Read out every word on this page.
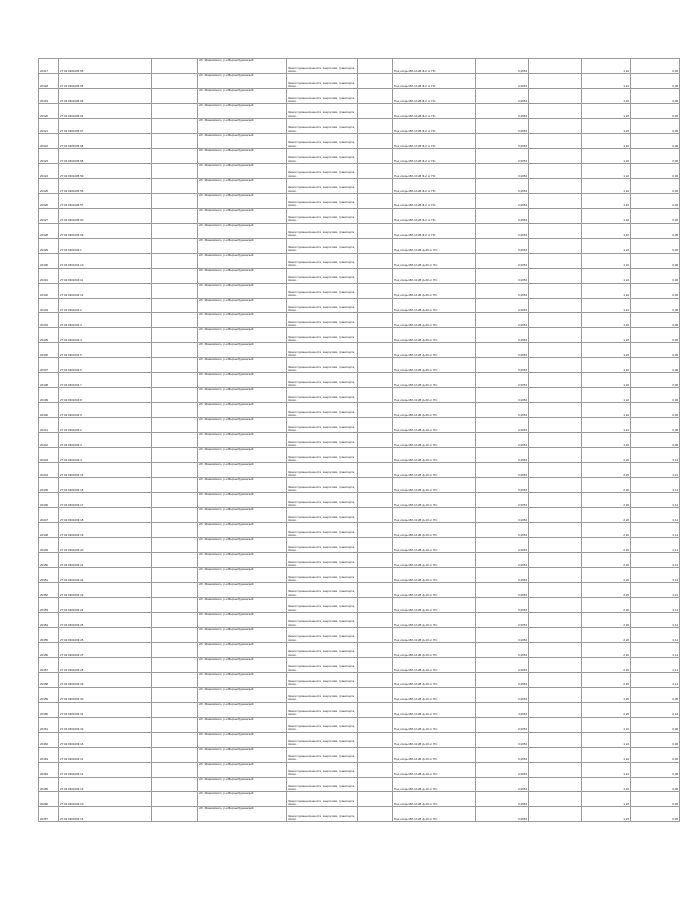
20417	27:04:0301005:65		хбт. Маяковского, р-н Верхнебуреинский	Земли промышленности, энергетики, транспорта, связи...		Под опоры ВЛ-10 кВ Ф-2 от ПС	0,0054		1,22	0,06
20418	27:04:0301005:65		хбт. Маяковского, р-н Верхнебуреинский	Земли промышленности, энергетики, транспорта, связи...		Под опоры ВЛ-10 кВ Ф-2 от ПС	0,0054		1,22	0,06
20419	27:04:0301005:66		хбт. Маяковского, р-н Верхнебуреинский	Земли промышленности, энергетики, транспорта, связи...		Под опоры ВЛ-10 кВ Ф-2 от ПС	0,0054		1,22	0,06
20420	27:04:0301005:64		хбт. Маяковского, р-н Верхнебуреинский	Земли промышленности, энергетики, транспорта, связи...		Под опоры ВЛ-10 кВ Ф-2 от ПС	0,0054		1,22	0,06
20421	27:04:0301005:67		хбт. Маяковского, р-н Верхнебуреинский	Земли промышленности, энергетики, транспорта, связи...		Под опоры ВЛ-10 кВ Ф-2 от ПС	0,0054		1,22	0,06
20422	27:04:0301005:68		хбт. Маяковского, р-н Верхнебуреинский	Земли промышленности, энергетики, транспорта, связи...		Под опоры ВЛ-10 кВ Ф-2 от ПС	0,0054		1,22	0,06
20423	27:04:0301005:58		хбт. Маяковского, р-н Верхнебуреинский	Земли промышленности, энергетики, транспорта, связи...		Под опоры ВЛ-10 кВ Ф-2 от ПС	0,0054		1,22	0,06
20424	27:04:0301005:59		хбт. Маяковского, р-н Верхнебуреинский	Земли промышленности, энергетики, транспорта, связи...		Под опоры ВЛ-10 кВ Ф-2 от ПС	0,0054		1,22	0,06
20425	27:04:0301005:56		хбт. Маяковского, р-н Верхнебуреинский	Земли промышленности, энергетики, транспорта, связи...		Под опоры ВЛ-10 кВ Ф-2 от ПС	0,0054		1,22	0,06
20426	27:04:0301005:57		хбт. Маяковского, р-н Верхнебуреинский	Земли промышленности, энергетики, транспорта, связи...		Под опоры ВЛ-10 кВ Ф-2 от ПС	0,0054		1,22	0,06
20427	27:04:0301005:60		хбт. Маяковского, р-н Верхнебуреинский	Земли промышленности, энергетики, транспорта, связи...		Под опоры ВЛ-10 кВ Ф-2 от ПС	0,0054		1,22	0,06
20428	27:04:0301005:69		хбт. Маяковского, р-н Верхнебуреинский	Земли промышленности, энергетики, транспорта, связи...		Под опоры ВЛ-10 кВ Ф-2 от ПС	0,0054		1,22	0,06
20429	27:04:0301004:1		хбт. Маяковского, р-н Верхнебуреинский	Земли промышленности, энергетики, транспорта, связи...		Под опоры ВЛ-10 кВ ф-20 от ПС	0,0054		1,22	0,06
20430	27:04:0301004:10		хбт. Маяковского, р-н Верхнебуреинский	Земли промышленности, энергетики, транспорта, связи...		Под опоры ВЛ-10 кВ ф-20 от ПС	0,0054		1,22	0,06
20431	27:04:0301004:11		хбт. Маяковского, р-н Верхнебуреинский	Земли промышленности, энергетики, транспорта, связи...		Под опоры ВЛ-10 кВ ф-20 от ПС	0,0054		1,22	0,06
20432	27:04:0301004:12		хбт. Маяковского, р-н Верхнебуреинский	Земли промышленности, энергетики, транспорта, связи...		Под опоры ВЛ-10 кВ ф-20 от ПС	0,0054		1,22	0,06
20433	27:04:0301004:2		хбт. Маяковского, р-н Верхнебуреинский	Земли промышленности, энергетики, транспорта, связи...		Под опоры ВЛ-10 кВ ф-20 от ПС	0,0054		1,22	0,06
20434	27:04:0301004:3		хбт. Маяковского, р-н Верхнебуреинский	Земли промышленности, энергетики, транспорта, связи...		Под опоры ВЛ-10 кВ ф-20 от ПС	0,0054		1,22	0,06
20435	27:04:0301004:4		хбт. Маяковского, р-н Верхнебуреинский	Земли промышленности, энергетики, транспорта, связи...		Под опоры ВЛ-10 кВ ф-20 от ПС	0,0054		1,22	0,06
20436	27:04:0301004:5		хбт. Маяковского, р-н Верхнебуреинский	Земли промышленности, энергетики, транспорта, связи...		Под опоры ВЛ-10 кВ ф-20 от ПС	0,0054		1,22	0,06
20437	27:04:0301004:6		хбт. Маяковского, р-н Верхнебуреинский	Земли промышленности, энергетики, транспорта, связи...		Под опоры ВЛ-10 кВ ф-20 от ПС	0,0054		1,22	0,06
20438	27:04:0301004:7		хбт. Маяковского, р-н Верхнебуреинский	Земли промышленности, энергетики, транспорта, связи...		Под опоры ВЛ-10 кВ ф-20 от ПС	0,0054		1,22	0,06
20439	27:04:0301004:8		хбт. Маяковского, р-н Верхнебуреинский	Земли промышленности, энергетики, транспорта, связи...		Под опоры ВЛ-10 кВ ф-20 от ПС	0,0054		1,22	0,06
20440	27:04:0301004:9		хбт. Маяковского, р-н Верхнебуреинский	Земли промышленности, энергетики, транспорта, связи...		Под опоры ВЛ-10 кВ ф-20 от ПС	0,0054		1,22	0,06
20441	27:04:0301003:2		хбт. Маяковского, р-н Верхнебуреинский	Земли промышленности, энергетики, транспорта, связи...		Под опоры ВЛ-10 кВ ф-10 от ПС	0,0054		1,22	0,06
20442	27:04:0301003:3		хбт. Маяковского, р-н Верхнебуреинский	Земли промышленности, энергетики, транспорта, связи...		Под опоры ВЛ-10 кВ ф-10 от ПС	0,0054		1,22	0,06
20443	27:04:0301003:4		хбт. Маяковского, р-н Верхнебуреинский	Земли промышленности, энергетики, транспорта, связи...		Под опоры ВЛ-10 кВ ф-10 от ПС	0,0054		2,20	0,11
20444	27:04:0301003:14		хбт. Маяковского, р-н Верхнебуреинский	Земли промышленности, энергетики, транспорта, связи...		Под опоры ВЛ-10 кВ ф-10 от ПС	0,0054		2,20	0,11
20445	27:04:0301003:15		хбт. Маяковского, р-н Верхнебуреинский	Земли промышленности, энергетики, транспорта, связи...		Под опоры ВЛ-10 кВ ф-10 от ПС	0,0054		2,20	0,11
20446	27:04:0301003:17		хбт. Маяковского, р-н Верхнебуреинский	Земли промышленности, энергетики, транспорта, связи...		Под опоры ВЛ-10 кВ ф-10 от ПС	0,0054		2,20	0,11
20447	27:04:0301003:18		хбт. Маяковского, р-н Верхнебуреинский	Земли промышленности, энергетики, транспорта, связи...		Под опоры ВЛ-10 кВ ф-10 от ПС	0,0054		2,20	0,11
20448	27:04:0301003:19		хбт. Маяковского, р-н Верхнебуреинский	Земли промышленности, энергетики, транспорта, связи...		Под опоры ВЛ-10 кВ ф-10 от ПС	0,0054		2,20	0,11
20449	27:04:0301003:20		хбт. Маяковского, р-н Верхнебуреинский	Земли промышленности, энергетики, транспорта, связи...		Под опоры ВЛ-10 кВ ф-10 от ПС	0,0054		2,20	0,11
20450	27:04:0301003:21		хбт. Маяковского, р-н Верхнебуреинский	Земли промышленности, энергетики, транспорта, связи...		Под опоры ВЛ-10 кВ ф-10 от ПС	0,0054		2,20	0,11
20451	27:04:0301003:22		хбт. Маяковского, р-н Верхнебуреинский	Земли промышленности, энергетики, транспорта, связи...		Под опоры ВЛ-10 кВ ф-10 от ПС	0,0054		2,20	0,11
20452	27:04:0301003:23		хбт. Маяковского, р-н Верхнебуреинский	Земли промышленности, энергетики, транспорта, связи...		Под опоры ВЛ-10 кВ ф-10 от ПС	0,0054		2,20	0,11
20453	27:04:0301003:24		хбт. Маяковского, р-н Верхнебуреинский	Земли промышленности, энергетики, транспорта, связи...		Под опоры ВЛ-10 кВ ф-10 от ПС	0,0054		2,20	0,11
20454	27:04:0301003:25		хбт. Маяковского, р-н Верхнебуреинский	Земли промышленности, энергетики, транспорта, связи...		Под опоры ВЛ-10 кВ ф-10 от ПС	0,0054		2,20	0,11
20455	27:04:0301003:26		хбт. Маяковского, р-н Верхнебуреинский	Земли промышленности, энергетики, транспорта, связи...		Под опоры ВЛ-10 кВ ф-10 от ПС	0,0054		2,20	0,11
20456	27:04:0301003:27		хбт. Маяковского, р-н Верхнебуреинский	Земли промышленности, энергетики, транспорта, связи...		Под опоры ВЛ-10 кВ ф-10 от ПС	0,0054		2,20	0,11
20457	27:04:0301003:28		хбт. Маяковского, р-н Верхнебуреинский	Земли промышленности, энергетики, транспорта, связи...		Под опоры ВЛ-10 кВ ф-10 от ПС	0,0054		2,20	0,11
20458	27:04:0301003:29		хбт. Маяковского, р-н Верхнебуреинский	Земли промышленности, энергетики, транспорта, связи...		Под опоры ВЛ-10 кВ ф-10 от ПС	0,0054		2,20	0,11
20459	27:04:0301003:30		хбт. Маяковского, р-н Верхнебуреинский	Земли промышленности, энергетики, транспорта, связи...		Под опоры ВЛ-10 кВ ф-10 от ПС	0,0054		1,20	0,06
20460	27:04:0301003:31		хбт. Маяковского, р-н Верхнебуреинский	Земли промышленности, энергетики, транспорта, связи...		Под опоры ВЛ-10 кВ ф-10 от ПС	4,0054		2,20	0,12
20461	27:04:0301003:32		хбт. Маяковского, р-н Верхнебуреинский	Земли промышленности, энергетики, транспорта, связи...		Под опоры ВЛ-10 кВ ф-10 от ПС	0,0054		1,22	0,06
20462	27:04:0301003:16		хбт. Маяковского, р-н Верхнебуреинский	Земли промышленности, энергетики, транспорта, связи...		Под опоры ВЛ-10 кВ ф-10 от ПС	0,0054		1,22	0,06
20463	27:04:0301003:11		хбт. Маяковского, р-н Верхнебуреинский	Земли промышленности, энергетики, транспорта, связи...		Под опоры ВЛ-10 кВ ф-10 от ПС	0,0054		1,22	0,06
20464	27:04:0301003:12		хбт. Маяковского, р-н Верхнебуреинский	Земли промышленности, энергетики, транспорта, связи...		Под опоры ВЛ-10 кВ ф-10 от ПС	0,0054		1,22	0,06
20465	27:04:0301003:13		хбт. Маяковского, р-н Верхнебуреинский	Земли промышленности, энергетики, транспорта, связи...		Под опоры ВЛ-10 кВ ф-10 от ПС	0,0054		1,22	0,06
20466	27:04:0301003:10		хбт. Маяковского, р-н Верхнебуреинский	Земли промышленности, энергетики, транспорта, связи...		Под опоры ВЛ-10 кВ ф-10 от ПС	0,0054		1,22	0,06
20467	27:04:0301003:15		хбт. Маяковского, р-н Верхнебуреинский	Земли промышленности, энергетики, транспорта, связи...		Под опоры ВЛ-10 кВ ф-10 от ПС	0,0054		1,22	0,06
